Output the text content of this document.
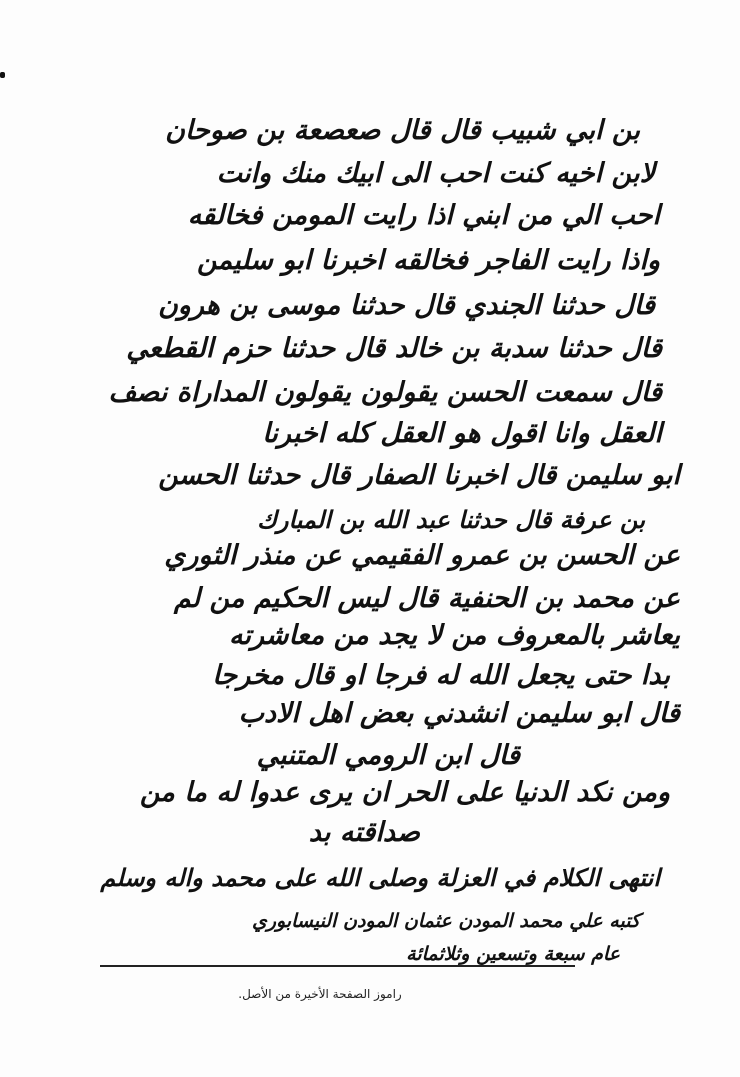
بن ابي شبيب قال قال صعصعة بن صوحان
لابن اخيه كنت احب الى ابيك منك وانت
احب الي من ابني اذا رايت المومن فخالقه
واذا رايت الفاجر فخالقه اخبرنا ابو سليمن
قال حدثنا الجندي قال حدثنا موسى بن هرون
قال حدثنا سدبة بن خالد قال حدثنا حزم القطعي
قال سمعت الحسن يقولون يقولون المداراة نصف
العقل وانا اقول هو العقل كله اخبرنا
ابو سليمن قال اخبرنا الصفار قال حدثنا الحسن
بن عرفة قال حدثنا عبد الله بن المبارك
عن الحسن بن عمرو الفقيمي عن منذر الثوري
عن محمد بن الحنفية قال ليس الحكيم من لم
يعاشر بالمعروف من لا يجد من معاشرته
بدا حتى يجعل الله له فرجا او قال مخرجا
قال ابو سليمن انشدني بعض اهل الادب
قال ابن الرومي المتنبي
ومن نكد الدنيا على الحر ان يرى عدوا له ما من
صداقته بد
انتهى الكلام في العزلة وصلى الله على محمد واله وسلم
كتبه علي محمد المودن عثمان المودن النيسابوري
عام سبعة وتسعين وثلاثمائة
راموز الصفحة الأخيرة من الأصل.
